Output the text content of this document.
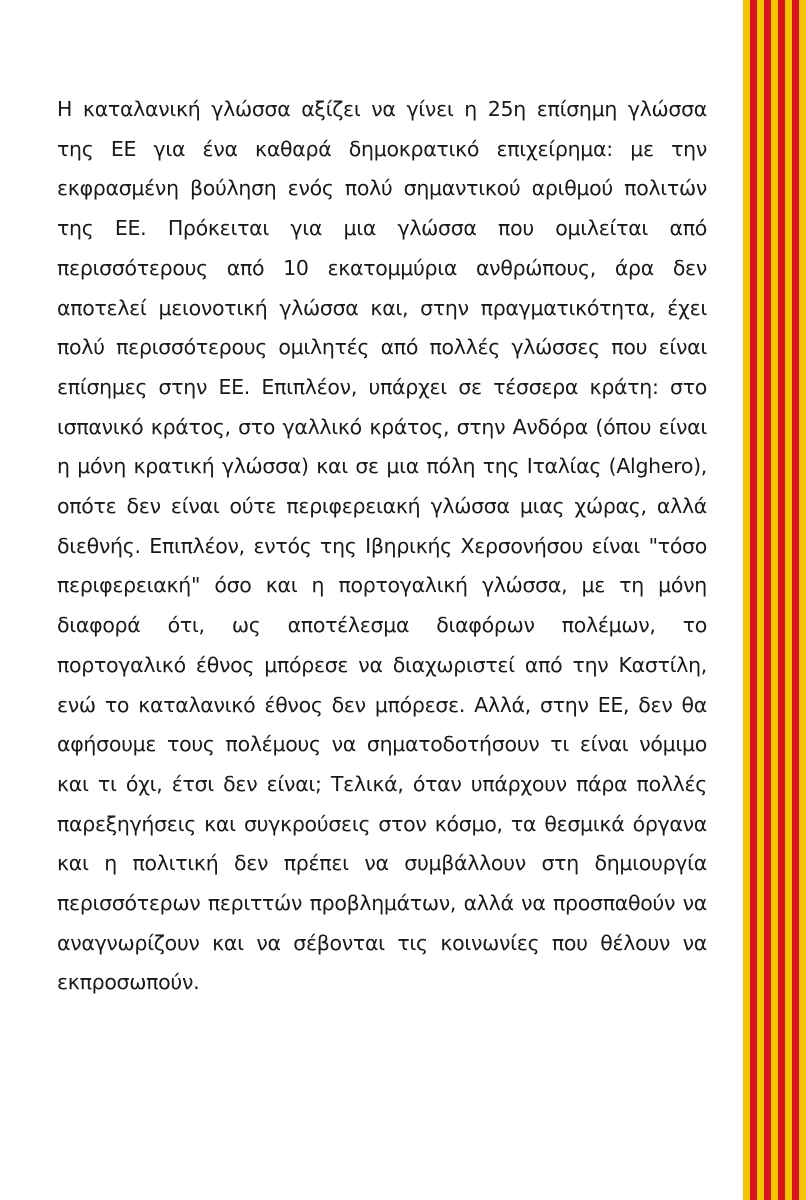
Η καταλανική γλώσσα αξίζει να γίνει η 25η επίσημη γλώσσα της ΕΕ για ένα καθαρά δημοκρατικό επιχείρημα: με την εκφρασμένη βούληση ενός πολύ σημαντικού αριθμού πολιτών της ΕΕ. Πρόκειται για μια γλώσσα που ομιλείται από περισσότερους από 10 εκατομμύρια ανθρώπους, άρα δεν αποτελεί μειονοτική γλώσσα και, στην πραγματικότητα, έχει πολύ περισσότερους ομιλητές από πολλές γλώσσες που είναι επίσημες στην ΕΕ. Επιπλέον, υπάρχει σε τέσσερα κράτη: στο ισπανικό κράτος, στο γαλλικό κράτος, στην Ανδόρα (όπου είναι η μόνη κρατική γλώσσα) και σε μια πόλη της Ιταλίας (Alghero), οπότε δεν είναι ούτε περιφερειακή γλώσσα μιας χώρας, αλλά διεθνής. Επιπλέον, εντός της Ιβηρικής Χερσονήσου είναι "τόσο περιφερειακή" όσο και η πορτογαλική γλώσσα, με τη μόνη διαφορά ότι, ως αποτέλεσμα διαφόρων πολέμων, το πορτογαλικό έθνος μπόρεσε να διαχωριστεί από την Καστίλη, ενώ το καταλανικό έθνος δεν μπόρεσε. Αλλά, στην ΕΕ, δεν θα αφήσουμε τους πολέμους να σηματοδοτήσουν τι είναι νόμιμο και τι όχι, έτσι δεν είναι; Τελικά, όταν υπάρχουν πάρα πολλές παρεξηγήσεις και συγκρούσεις στον κόσμο, τα θεσμικά όργανα και η πολιτική δεν πρέπει να συμβάλλουν στη δημιουργία περισσότερων περιττών προβλημάτων, αλλά να προσπαθούν να αναγνωρίζουν και να σέβονται τις κοινωνίες που θέλουν να εκπροσωπούν.
